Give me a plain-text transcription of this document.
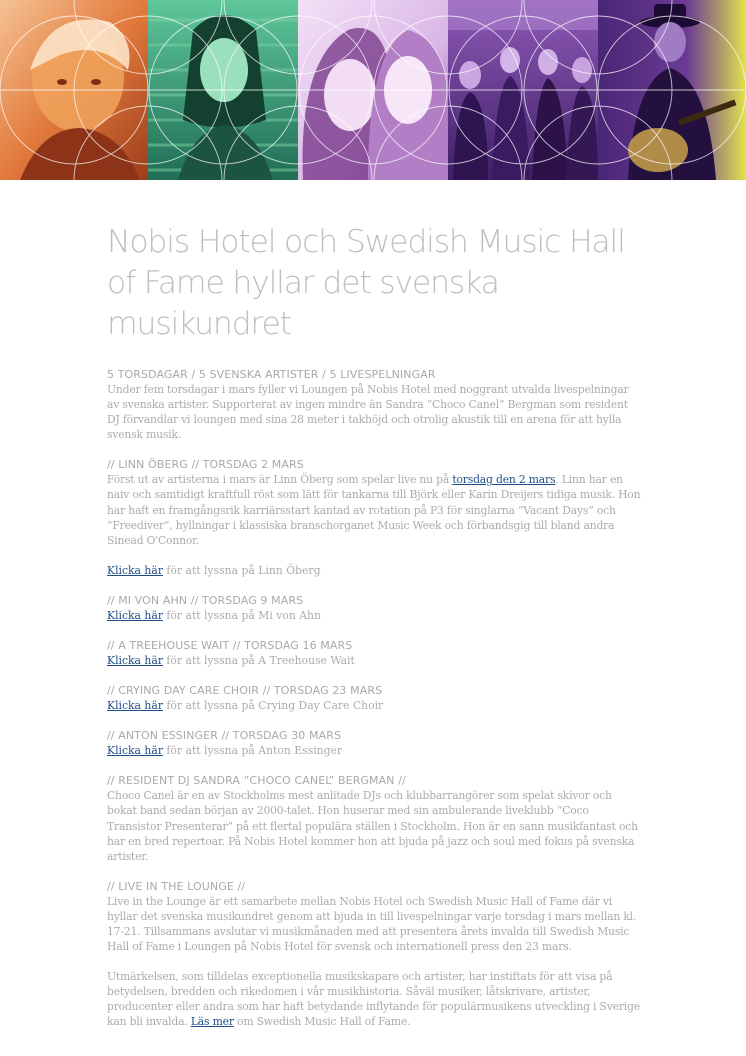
Nobis Hotel och Swedish Music Hall of Fame hyllar det svenska musikundret

5 TORSDAGAR / 5 SVENSKA ARTISTER / 5 LIVESPELNINGAR

Under fem torsdagar i mars fyller vi Loungen på Nobis Hotel med noggrant utvalda livespelningar av svenska artister. Supporterat av ingen mindre än Sandra ”Choco Canel” Bergman som resident DJ förvandlar vi loungen med sina 28 meter i takhöjd och otrolig akustik till en arena för att hylla svensk musik.

// LINN ÖBERG // TORSDAG 2 MARS

Först ut av artisterna i mars är Linn Öberg som spelar live nu på torsdag den 2 mars. Linn har en naiv och samtidigt kraftfull röst som lätt för tankarna till Björk eller Karin Dreijers tidiga musik. Hon har haft en framgångsrik karriärsstart kantad av rotation på P3 för singlarna ”Vacant Days” och ”Freediver”, hyllningar i klassiska branschorganet Music Week och förbandsgig till bland andra Sinead O'Connor.

Klicka här för att lyssna på Linn Öberg

// MI VON AHN // TORSDAG 9 MARS

Klicka här för att lyssna på Mi von Ahn

// A TREEHOUSE WAIT // TORSDAG 16 MARS

Klicka här för att lyssna på A Treehouse Wait

// CRYING DAY CARE CHOIR // TORSDAG 23 MARS

Klicka här för att lyssna på Crying Day Care Choir

// ANTON ESSINGER // TORSDAG 30 MARS

Klicka här för att lyssna på Anton Essinger

// RESIDENT DJ SANDRA ”CHOCO CANEL” BERGMAN //

Choco Canel är en av Stockholms mest anlitade DJs och klubbarrangörer som spelat skivor och bokat band sedan början av 2000-talet. Hon huserar med sin ambulerande liveklubb “Coco Transistor Presenterar” på ett flertal populära ställen i Stockholm. Hon är en sann musikfantast och har en bred repertoar. På Nobis Hotel kommer hon att bjuda på jazz och soul med fokus på svenska artister.

// LIVE IN THE LOUNGE //

Live in the Lounge är ett samarbete mellan Nobis Hotel och Swedish Music Hall of Fame där vi hyllar det svenska musikundret genom att bjuda in till livespelningar varje torsdag i mars mellan kl. 17-21. Tillsammans avslutar vi musikmånaden med att presentera årets invalda till Swedish Music Hall of Fame i Loungen på Nobis Hotel för svensk och internationell press den 23 mars.

Utmärkelsen, som tilldelas exceptionella musikskapare och artister, har instiftats för att visa på betydelsen, bredden och rikedomen i vår musikhistoria. Såväl musiker, låtskrivare, artister, producenter eller andra som har haft betydande inflytande för populärmusikens utveckling i Sverige kan bli invalda. Läs mer om Swedish Music Hall of Fame.
